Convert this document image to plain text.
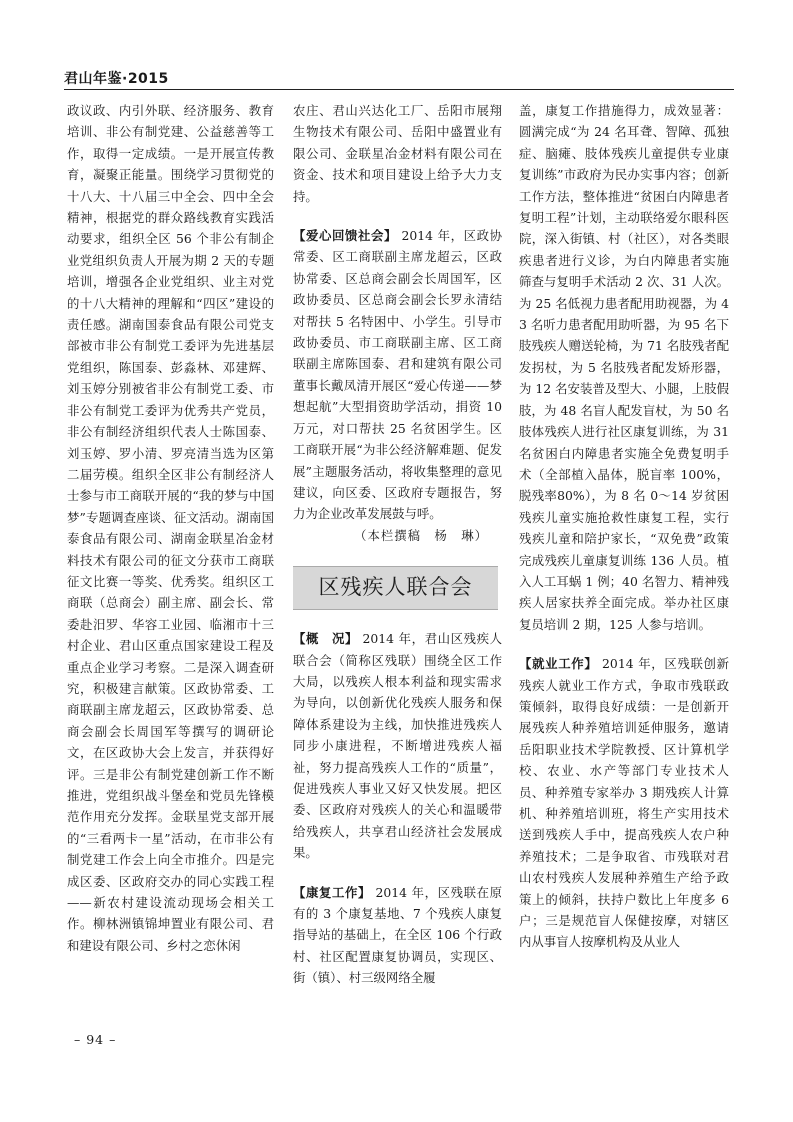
君山年鉴·2015

政议政、内引外联、经济服务、教育培训、非公有制党建、公益慈善等工作，取得一定成绩。一是开展宣传教育，凝聚正能量。围绕学习贯彻党的十八大、十八届三中全会、四中全会精神，根据党的群众路线教育实践活动要求，组织全区 56 个非公有制企业党组织负责人开展为期 2 天的专题培训，增强各企业党组织、业主对党的十八大精神的理解和“四区”建设的责任感。湖南国泰食品有限公司党支部被市非公有制党工委评为先进基层党组织，陈国泰、彭淼林、邓建辉、刘玉婷分别被省非公有制党工委、市非公有制党工委评为优秀共产党员，非公有制经济组织代表人士陈国泰、刘玉婷、罗小清、罗亮清当选为区第二届劳模。组织全区非公有制经济人士参与市工商联开展的“我的梦与中国梦”专题调查座谈、征文活动。湖南国泰食品有限公司、湖南金联星冶金材料技术有限公司的征文分获市工商联征文比赛一等奖、优秀奖。组织区工商联（总商会）副主席、副会长、常委赴汨罗、华容工业园、临湘市十三村企业、君山区重点国家建设工程及重点企业学习考察。二是深入调查研究，积极建言献策。区政协常委、工商联副主席龙超云，区政协常委、总商会副会长周国军等撰写的调研论文，在区政协大会上发言，并获得好评。三是非公有制党建创新工作不断推进，党组织战斗堡垒和党员先锋模范作用充分发挥。金联星党支部开展的“三看两卡一星”活动，在市非公有制党建工作会上向全市推介。四是完成区委、区政府交办的同心实践工程——新农村建设流动现场会相关工作。柳林洲镇锦坤置业有限公司、君和建设有限公司、乡村之恋休闲

农庄、君山兴达化工厂、岳阳市展翔生物技术有限公司、岳阳中盛置业有限公司、金联星冶金材料有限公司在资金、技术和项目建设上给予大力支持。

【爱心回馈社会】 2014 年，区政协常委、区工商联副主席龙超云，区政协常委、区总商会副会长周国军，区政协委员、区总商会副会长罗永清结对帮扶 5 名特困中、小学生。引导市政协委员、市工商联副主席、区工商联副主席陈国泰、君和建筑有限公司董事长戴凤清开展区“爱心传递——梦想起航”大型捐资助学活动，捐资 10 万元，对口帮扶 25 名贫困学生。区工商联开展“为非公经济解难题、促发展”主题服务活动，将收集整理的意见建议，向区委、区政府专题报告，努力为企业改革发展鼓与呼。

（本栏撰稿　杨　琳）

区残疾人联合会

【概　况】 2014 年，君山区残疾人联合会（简称区残联）围绕全区工作大局，以残疾人根本利益和现实需求为导向，以创新优化残疾人服务和保障体系建设为主线，加快推进残疾人同步小康进程，不断增进残疾人福祉，努力提高残疾人工作的“质量”，促进残疾人事业又好又快发展。把区委、区政府对残疾人的关心和温暖带给残疾人，共享君山经济社会发展成果。

【康复工作】 2014 年，区残联在原有的 3 个康复基地、7 个残疾人康复指导站的基础上，在全区 106 个行政村、社区配置康复协调员，实现区、街（镇）、村三级网络全履

盖，康复工作措施得力，成效显著：圆满完成“为 24 名耳聋、智障、孤独症、脑瘫、肢体残疾儿童提供专业康复训练”市政府为民办实事内容；创新工作方法，整体推进“贫困白内障患者复明工程”计划，主动联络爱尔眼科医院，深入街镇、村（社区），对各类眼疾患者进行义诊，为白内障患者实施筛查与复明手术活动 2 次、31 人次。为 25 名低视力患者配用助视器，为 43 名听力患者配用助听器，为 95 名下肢残疾人赠送轮椅，为 71 名肢残者配发拐杖，为 5 名肢残者配发矫形器，为 12 名安装普及型大、小腿，上肢假肢，为 48 名盲人配发盲杖，为 50 名肢体残疾人进行社区康复训练，为 31 名贫困白内障患者实施全免费复明手术（全部植入晶体，脱盲率 100%，脱残率80%），为 8 名 0～14 岁贫困残疾儿童实施抢救性康复工程，实行残疾儿童和陪护家长，“双免费”政策完成残疾儿童康复训练 136 人员。植入人工耳蜗 1 例；40 名智力、精神残疾人居家扶养全面完成。举办社区康复员培训 2 期，125 人参与培训。

【就业工作】 2014 年，区残联创新残疾人就业工作方式，争取市残联政策倾斜，取得良好成绩：一是创新开展残疾人种养殖培训延伸服务，邀请岳阳职业技术学院教授、区计算机学校、农业、水产等部门专业技术人员、种养殖专家举办 3 期残疾人计算机、种养殖培训班，将生产实用技术送到残疾人手中，提高残疾人农户种养殖技术；二是争取省、市残联对君山农村残疾人发展种养殖生产给予政策上的倾斜，扶持户数比上年度多 6 户；三是规范盲人保健按摩，对辖区内从事盲人按摩机构及从业人

– 94 –
